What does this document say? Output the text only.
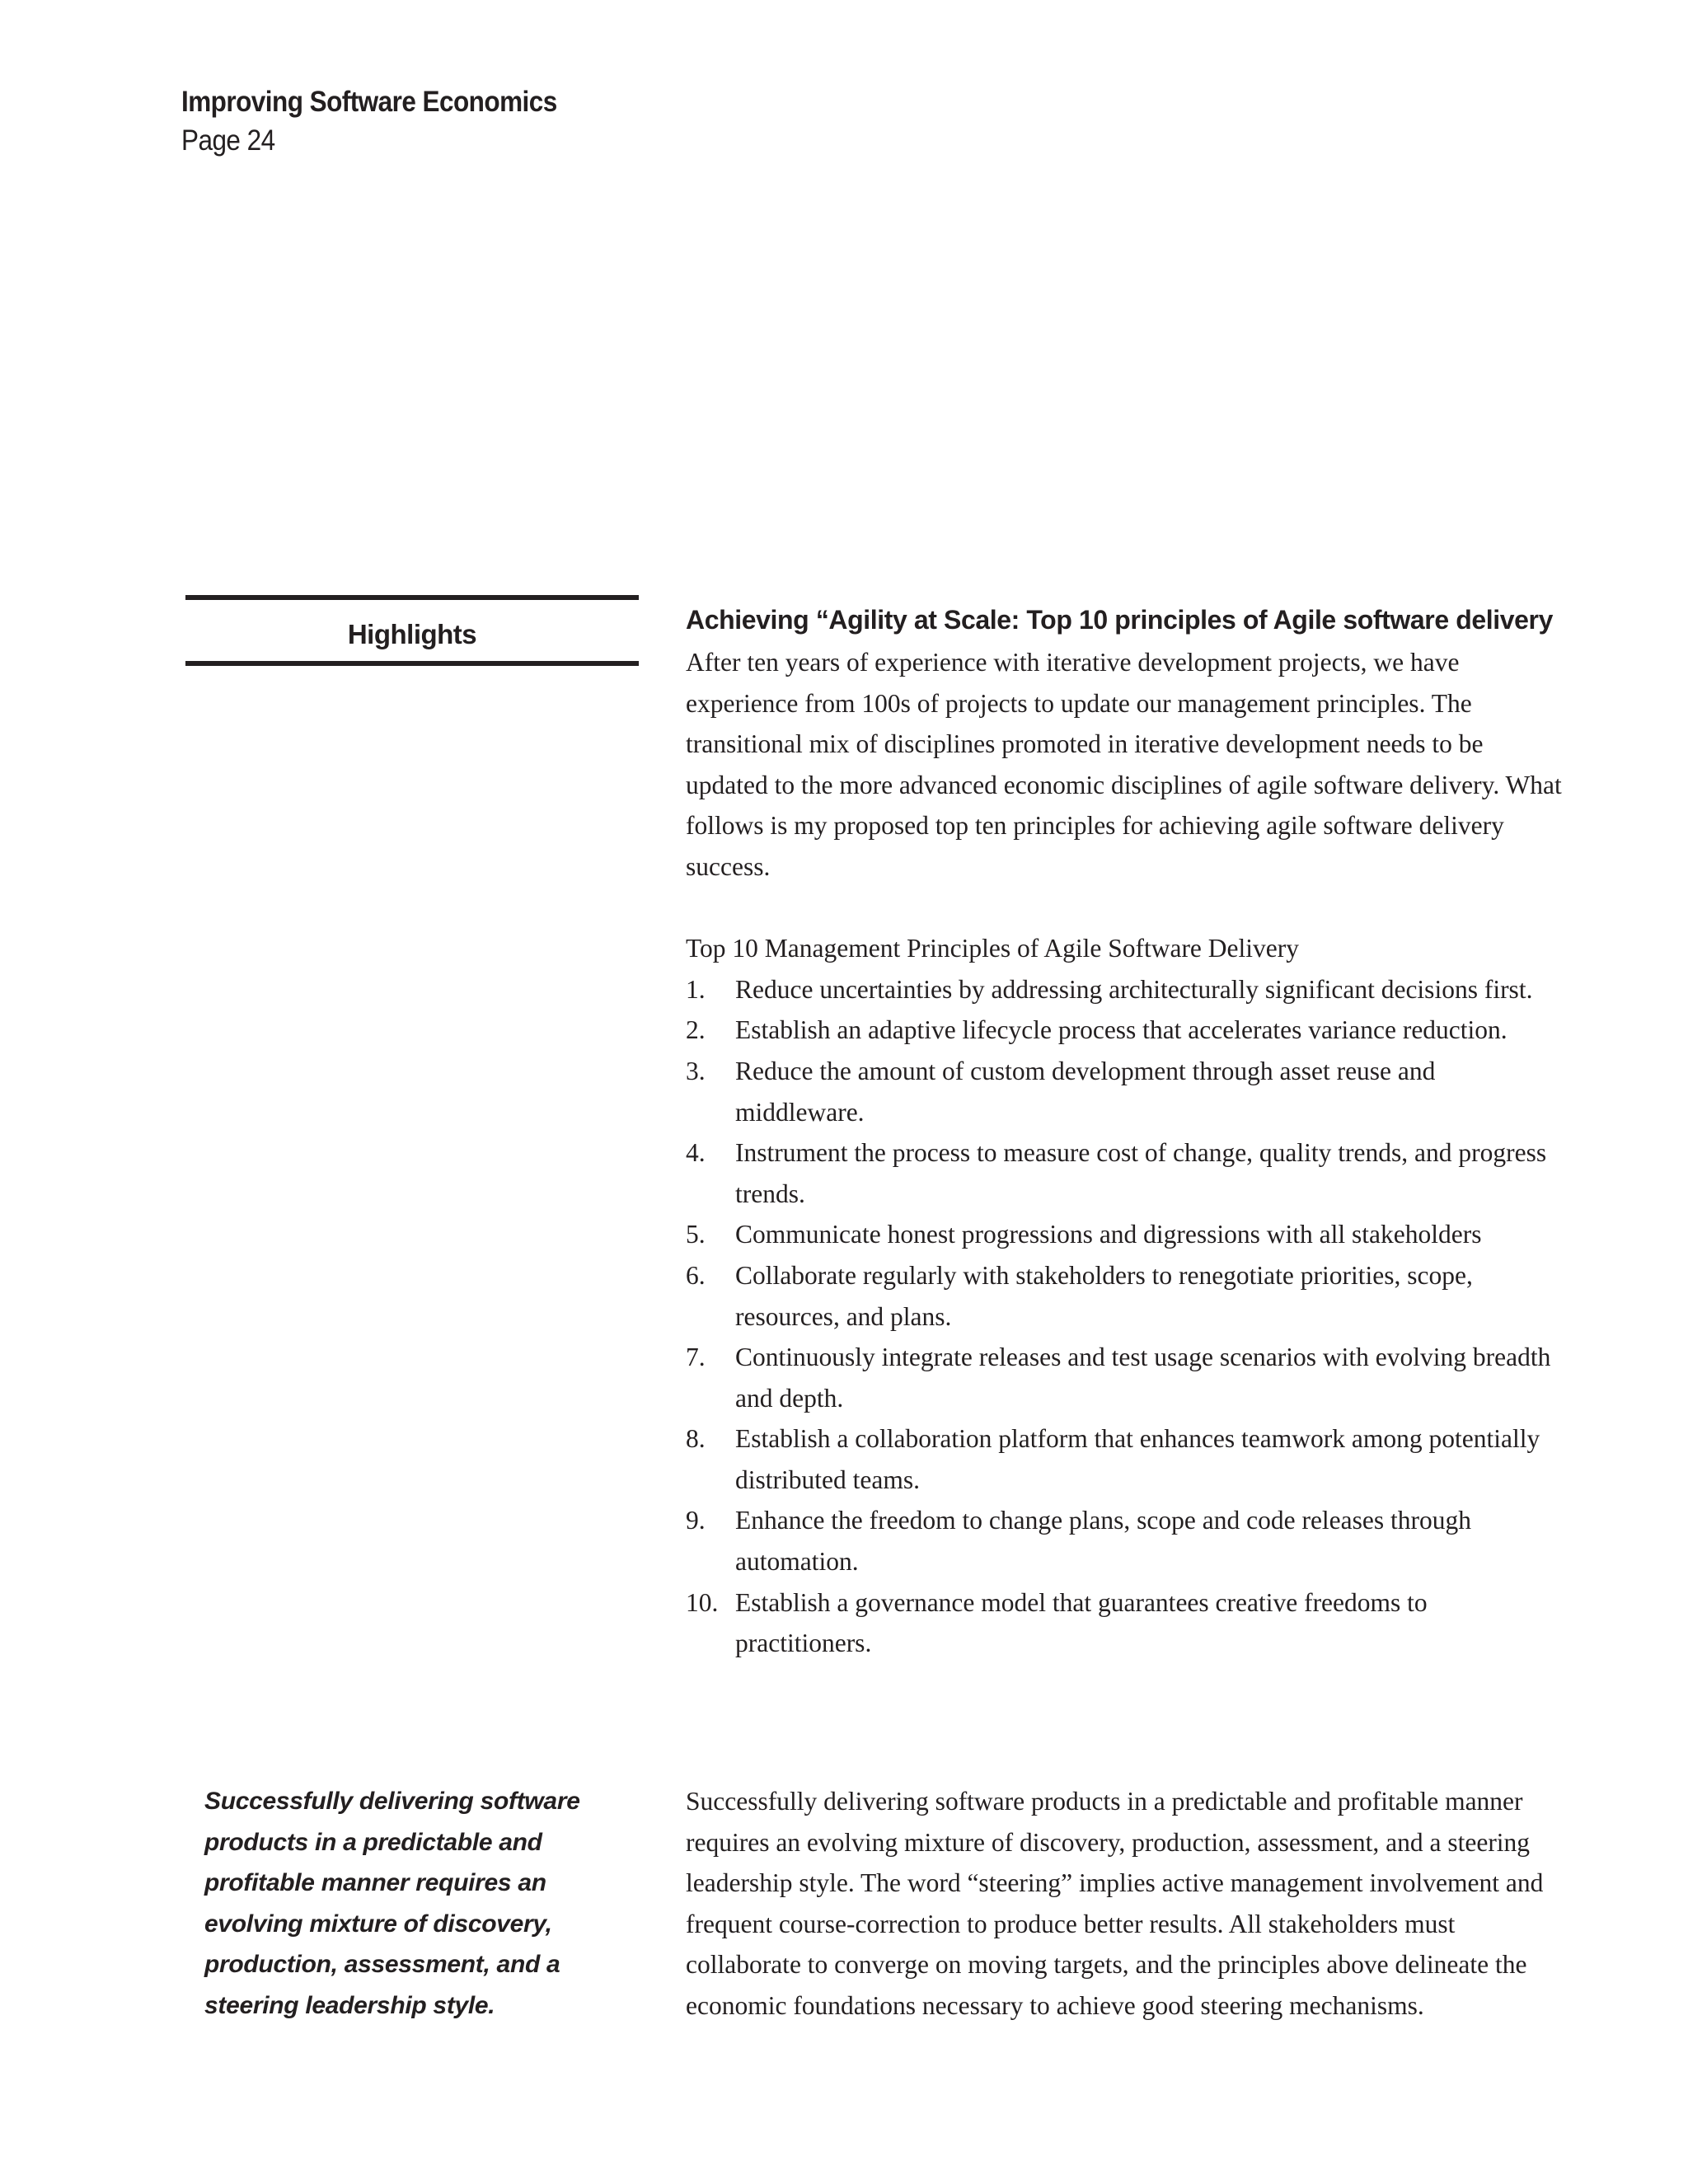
Improving Software Economics
Page 24
Highlights	Achieving “Agility at Scale: Top 10 principles of Agile software delivery

After ten years of experience with iterative development projects, we have experience from 100s of projects to update our management principles. The transitional mix of disciplines promoted in iterative development needs to be updated to the more advanced economic disciplines of agile software delivery. What follows is my proposed top ten principles for achieving agile software delivery success.

Top 10 Management Principles of Agile Software Delivery
1. Reduce uncertainties by addressing architecturally significant decisions first.
2. Establish an adaptive lifecycle process that accelerates variance reduction.
3. Reduce the amount of custom development through asset reuse and middleware.
4. Instrument the process to measure cost of change, quality trends, and progress trends.
5. Communicate honest progressions and digressions with all stakeholders
6. Collaborate regularly with stakeholders to renegotiate priorities, scope, resources, and plans.
7. Continuously integrate releases and test usage scenarios with evolving breadth and depth.
8. Establish a collaboration platform that enhances teamwork among potentially distributed teams.
9. Enhance the freedom to change plans, scope and code releases through automation.
10. Establish a governance model that guarantees creative freedoms to practitioners.
Successfully delivering software products in a predictable and profitable manner requires an evolving mixture of discovery, production, assessment, and a steering leadership style.

Successfully delivering software products in a predictable and profitable manner requires an evolving mixture of discovery, production, assessment, and a steering leadership style. The word “steering” implies active management involvement and frequent course-correction to produce better results. All stakeholders must collaborate to converge on moving targets, and the principles above delineate the economic foundations necessary to achieve good steering mechanisms.
